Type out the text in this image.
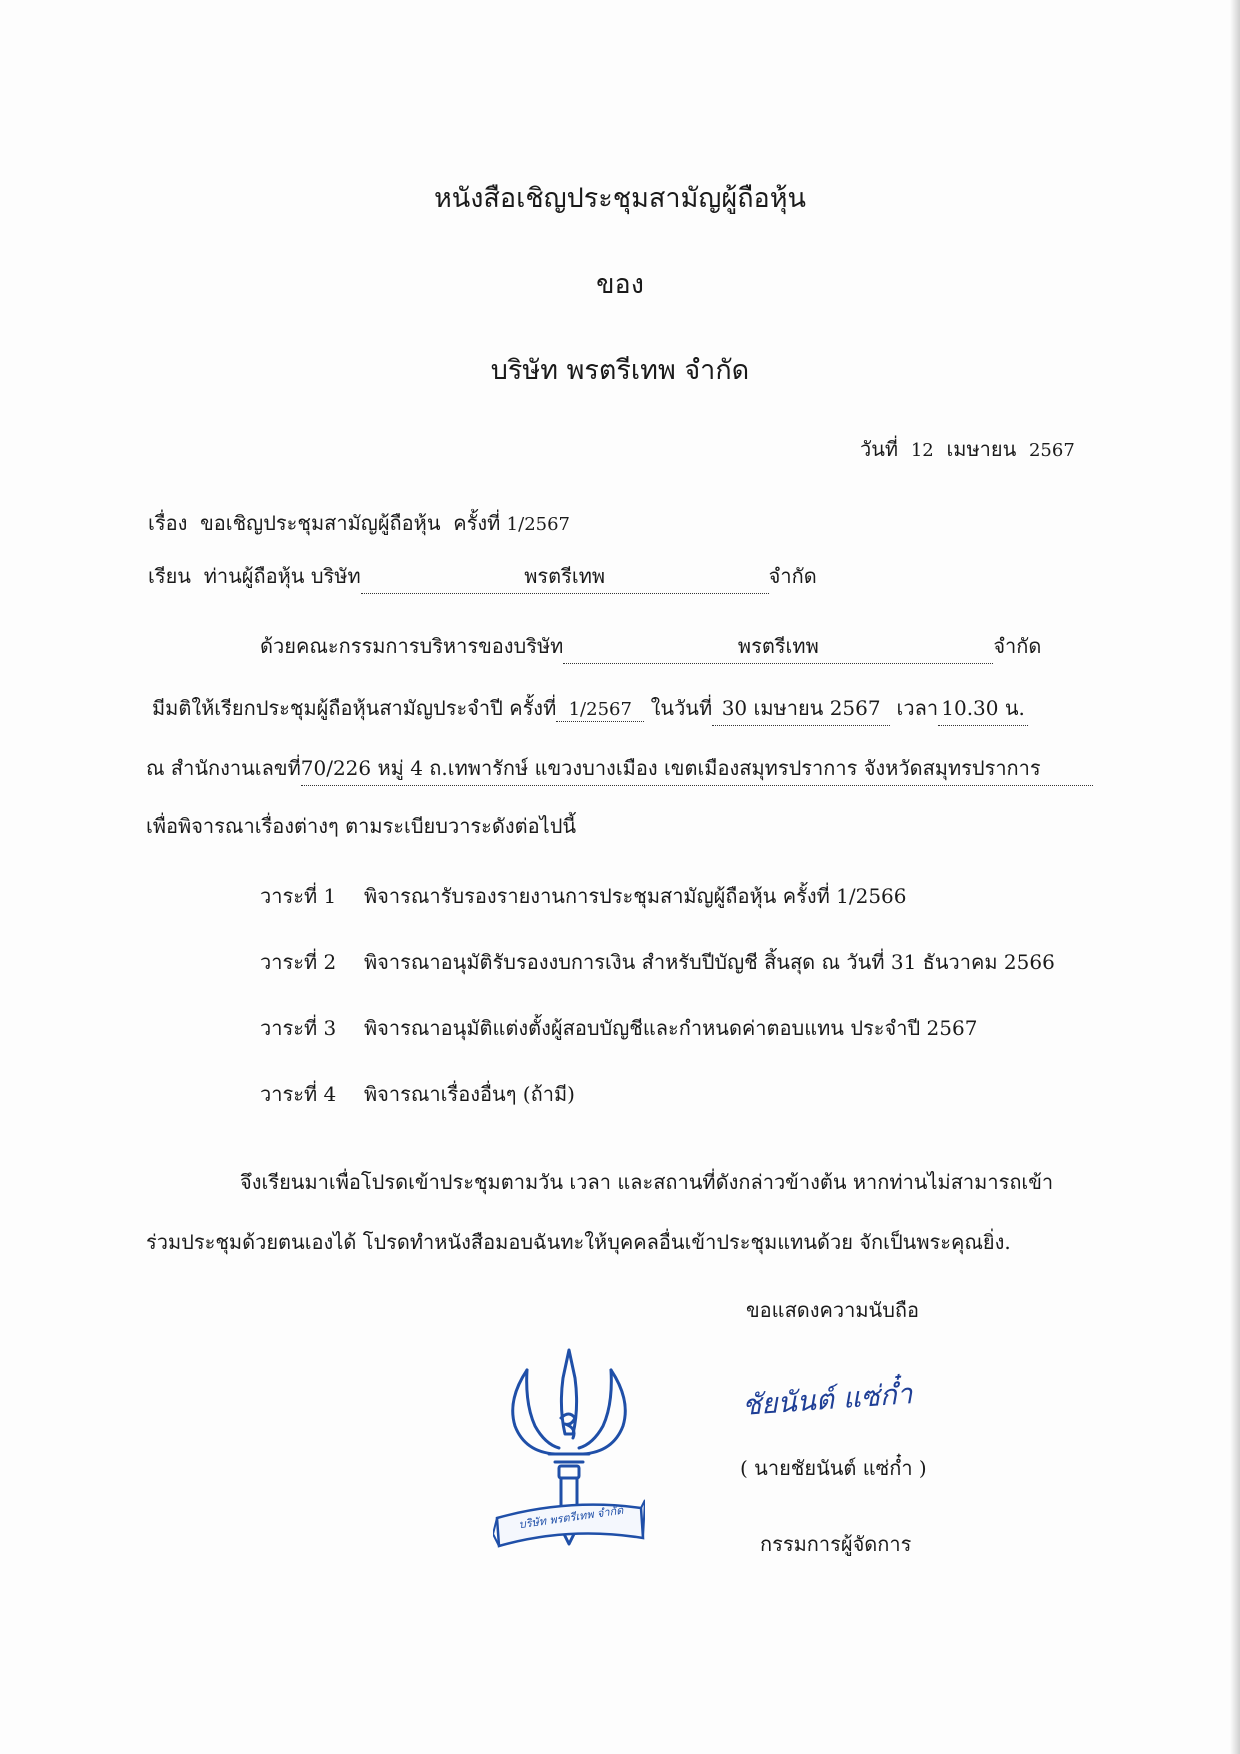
หนังสือเชิญประชุมสามัญผู้ถือหุ้น
ของ
บริษัท พรตรีเทพ จำกัด
วันที่ 12 เมษายน 2567
เรื่อง ขอเชิญประชุมสามัญผู้ถือหุ้น ครั้งที่ 1/2567
เรียน ท่านผู้ถือหุ้น บริษัท	พรตรีเทพ	จำกัด
ด้วยคณะกรรมการบริหารของบริษัท	พรตรีเทพ	จำกัด
มีมติให้เรียกประชุมผู้ถือหุ้นสามัญประจำปี ครั้งที่ 1/2567 ในวันที่ 30 เมษายน 2567 เวลา 10.30 น.
ณ สำนักงานเลขที่70/226 หมู่ 4 ถ.เทพารักษ์ แขวงบางเมือง เขตเมืองสมุทรปราการ จังหวัดสมุทรปราการ
เพื่อพิจารณาเรื่องต่างๆ ตามระเบียบวาระดังต่อไปนี้
วาระที่ 1 พิจารณารับรองรายงานการประชุมสามัญผู้ถือหุ้น ครั้งที่ 1/2566
วาระที่ 2 พิจารณาอนุมัติรับรองงบการเงิน สำหรับปีบัญชี สิ้นสุด ณ วันที่ 31 ธันวาคม 2566
วาระที่ 3 พิจารณาอนุมัติแต่งตั้งผู้สอบบัญชีและกำหนดค่าตอบแทน ประจำปี 2567
วาระที่ 4 พิจารณาเรื่องอื่นๆ (ถ้ามี)
จึงเรียนมาเพื่อโปรดเข้าประชุมตามวัน เวลา และสถานที่ดังกล่าวข้างต้น หากท่านไม่สามารถเข้า
ร่วมประชุมด้วยตนเองได้ โปรดทำหนังสือมอบฉันทะให้บุคคลอื่นเข้าประชุมแทนด้วย จักเป็นพระคุณยิ่ง.
ขอแสดงความนับถือ
บริษัท พรตรีเทพ จำกัด
ชัยนันต์ แซ่ก๋ำ
( นายชัยนันต์ แซ่ก๋ำ )
กรรมการผู้จัดการ
